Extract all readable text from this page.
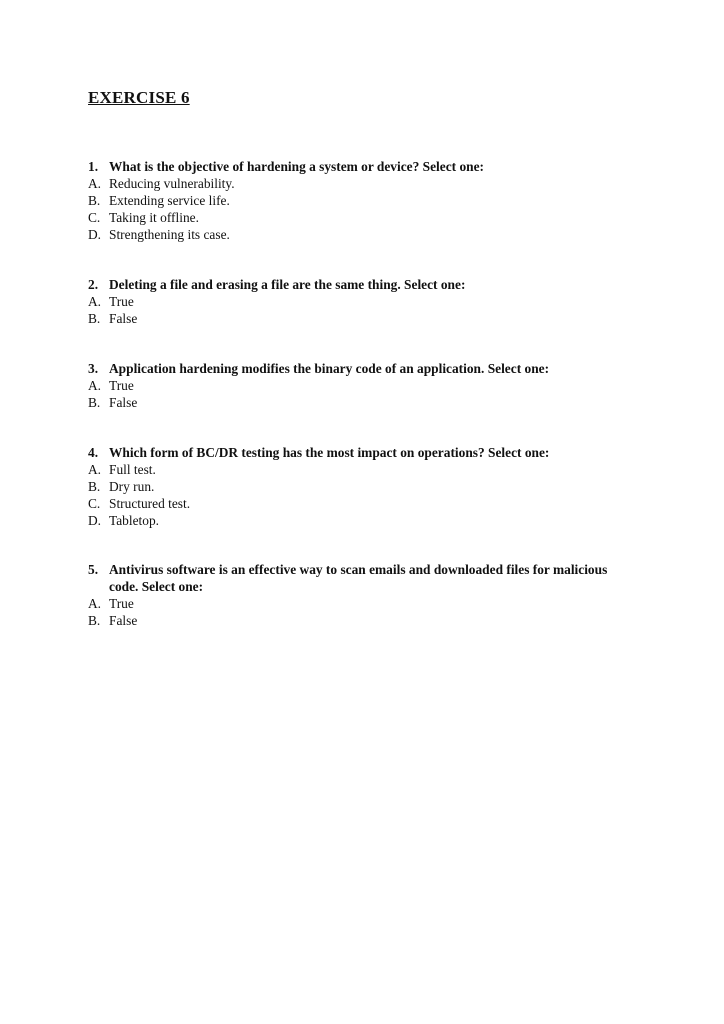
EXERCISE 6
1. What is the objective of hardening a system or device? Select one:
A. Reducing vulnerability.
B. Extending service life.
C. Taking it offline.
D. Strengthening its case.
2. Deleting a file and erasing a file are the same thing. Select one:
A. True
B. False
3. Application hardening modifies the binary code of an application. Select one:
A. True
B. False
4. Which form of BC/DR testing has the most impact on operations? Select one:
A. Full test.
B. Dry run.
C. Structured test.
D. Tabletop.
5. Antivirus software is an effective way to scan emails and downloaded files for malicious code. Select one:
A. True
B. False
